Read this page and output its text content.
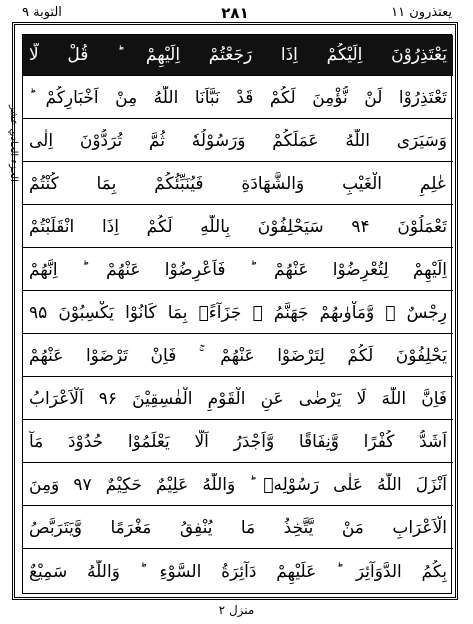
التوبة ٩	٢٨١	يعتذرون ١١
الجزء الحادي عشر
يَعْتَذِرُوْنَ اِلَيْكُمْ اِذَا رَجَعْتُمْ اِلَيْهِمْ ؕ قُلْ لَّا
تَعْتَذِرُوْا لَنْ نُّؤْمِنَ لَكُمْ قَدْ نَبَّاَنَا اللّٰهُ مِنْ اَخْبَارِكُمْ ؕ
وَسَيَرَى اللّٰهُ عَمَلَكُمْ وَرَسُوْلُهٗ ثُمَّ تُرَدُّوْنَ اِلٰى
عٰلِمِ الْغَيْبِ وَالشَّهَادَةِ فَيُنَبِّئُكُمْ بِمَا كُنْتُمْ
تَعْمَلُوْنَ ۹۴ سَيَحْلِفُوْنَ بِاللّٰهِ لَكُمْ اِذَا انْقَلَبْتُمْ
اِلَيْهِمْ لِتُعْرِضُوْا عَنْهُمْ ؕ فَاَعْرِضُوْا عَنْهُمْ ؕ اِنَّهُمْ
رِجْسٌ ۫ وَّمَاْوٰىهُمْ جَهَنَّمُ ۚ جَزَآءًۢ بِمَا كَانُوْا يَكْسِبُوْنَ ۹۵
يَحْلِفُوْنَ لَكُمْ لِتَرْضَوْا عَنْهُمْ ۚ فَاِنْ تَرْضَوْا عَنْهُمْ
فَاِنَّ اللّٰهَ لَا يَرْضٰى عَنِ الْقَوْمِ الْفٰسِقِيْنَ ۹۶ اَلْاَعْرَابُ
اَشَدُّ كُفْرًا وَّنِفَاقًا وَّاَجْدَرُ اَلَّا يَعْلَمُوْا حُدُوْدَ مَآ
اَنْزَلَ اللّٰهُ عَلٰى رَسُوْلِهٖ ؕ وَاللّٰهُ عَلِيْمٌ حَكِيْمٌ ۹۷ وَمِنَ
الْاَعْرَابِ مَنْ يَّتَّخِذُ مَا يُنْفِقُ مَغْرَمًا وَّيَتَرَبَّصُ
بِكُمُ الدَّوَآئِرَ ؕ عَلَيْهِمْ دَآئِرَةُ السَّوْءِ ؕ وَاللّٰهُ سَمِيْعٌ
منزل ٢
